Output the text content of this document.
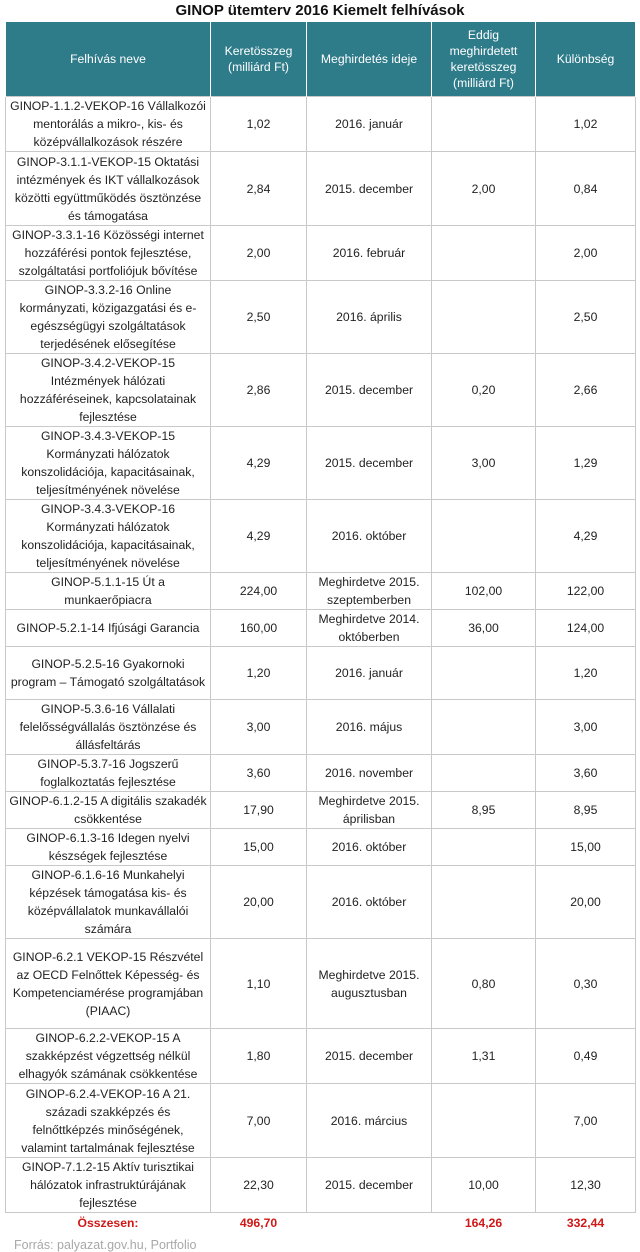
GINOP ütemterv 2016 Kiemelt felhívások
Felhívás neve	Keretösszeg (milliárd Ft)	Meghirdetés ideje	Eddig meghirdetett keretösszeg (milliárd Ft)	Különbség
GINOP-1.1.2-VEKOP-16 Vállalkozói mentorálás a mikro-, kis- és középvállalkozások részére	1,02	2016. január		1,02
GINOP-3.1.1-VEKOP-15 Oktatási intézmények és IKT vállalkozások közötti együttműködés ösztönzése és támogatása	2,84	2015. december	2,00	0,84
GINOP-3.3.1-16 Közösségi internet hozzáférési pontok fejlesztése, szolgáltatási portfoliójuk bővítése	2,00	2016. február		2,00
GINOP-3.3.2-16 Online kormányzati, közigazgatási és e-egészségügyi szolgáltatások terjedésének elősegítése	2,50	2016. április		2,50
GINOP-3.4.2-VEKOP-15 Intézmények hálózati hozzáféréseinek, kapcsolatainak fejlesztése	2,86	2015. december	0,20	2,66
GINOP-3.4.3-VEKOP-15 Kormányzati hálózatok konszolidációja, kapacitásainak, teljesítményének növelése	4,29	2015. december	3,00	1,29
GINOP-3.4.3-VEKOP-16 Kormányzati hálózatok konszolidációja, kapacitásainak, teljesítményének növelése	4,29	2016. október		4,29
GINOP-5.1.1-15 Út a munkaerőpiacra	224,00	Meghirdetve 2015. szeptemberben	102,00	122,00
GINOP-5.2.1-14 Ifjúsági Garancia	160,00	Meghirdetve 2014. októberben	36,00	124,00
GINOP-5.2.5-16 Gyakornoki program – Támogató szolgáltatások	1,20	2016. január		1,20
GINOP-5.3.6-16 Vállalati felelősségvállalás ösztönzése és állásfeltárás	3,00	2016. május		3,00
GINOP-5.3.7-16 Jogszerű foglalkoztatás fejlesztése	3,60	2016. november		3,60
GINOP-6.1.2-15 A digitális szakadék csökkentése	17,90	Meghirdetve 2015. áprilisban	8,95	8,95
GINOP-6.1.3-16 Idegen nyelvi készségek fejlesztése	15,00	2016. október		15,00
GINOP-6.1.6-16 Munkahelyi képzések támogatása kis- és középvállalatok munkavállalói számára	20,00	2016. október		20,00
GINOP-6.2.1 VEKOP-15 Részvétel az OECD Felnőttek Képesség- és Kompetenciamérése programjában (PIAAC)	1,10	Meghirdetve 2015. augusztusban	0,80	0,30
GINOP-6.2.2-VEKOP-15 A szakképzést végzettség nélkül elhagyók számának csökkentése	1,80	2015. december	1,31	0,49
GINOP-6.2.4-VEKOP-16 A 21. századi szakképzés és felnőttképzés minőségének, valamint tartalmának fejlesztése	7,00	2016. március		7,00
GINOP-7.1.2-15 Aktív turisztikai hálózatok infrastruktúrájának fejlesztése	22,30	2015. december	10,00	12,30
Összesen:	496,70		164,26	332,44
Forrás: palyazat.gov.hu, Portfolio
